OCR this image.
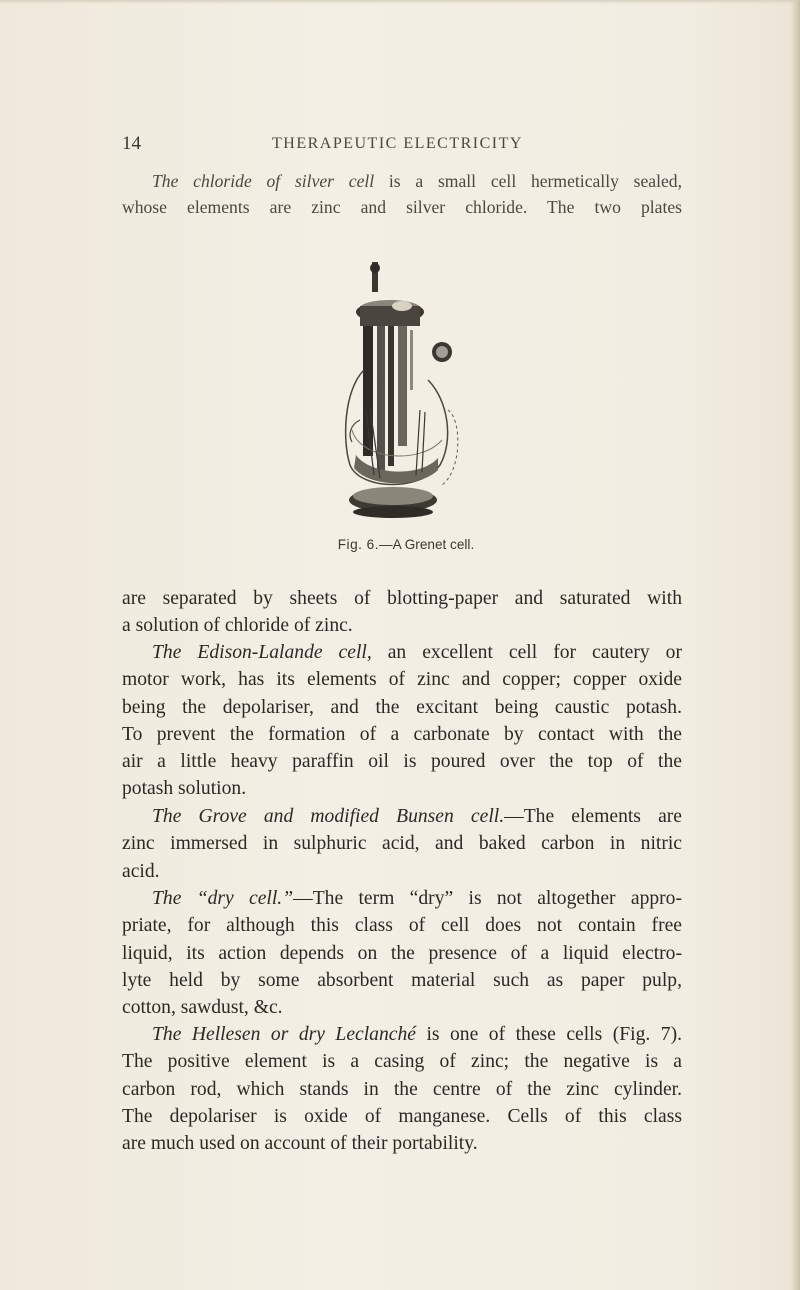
14	THERAPEUTIC ELECTRICITY
The chloride of silver cell is a small cell hermetically sealed,
whose elements are zinc and silver chloride. The two plates
Fig. 6.—A Grenet cell.
are separated by sheets of blotting-paper and saturated with
a solution of chloride of zinc.
The Edison-Lalande cell, an excellent cell for cautery or
motor work, has its elements of zinc and copper; copper oxide
being the depolariser, and the excitant being caustic potash.
To prevent the formation of a carbonate by contact with the
air a little heavy paraffin oil is poured over the top of the
potash solution.
The Grove and modified Bunsen cell.—The elements are
zinc immersed in sulphuric acid, and baked carbon in nitric
acid.
The “dry cell.”—The term “dry” is not altogether appro-
priate, for although this class of cell does not contain free
liquid, its action depends on the presence of a liquid electro-
lyte held by some absorbent material such as paper pulp,
cotton, sawdust, &c.
The Hellesen or dry Leclanché is one of these cells (Fig. 7).
The positive element is a casing of zinc; the negative is a
carbon rod, which stands in the centre of the zinc cylinder.
The depolariser is oxide of manganese. Cells of this class
are much used on account of their portability.
